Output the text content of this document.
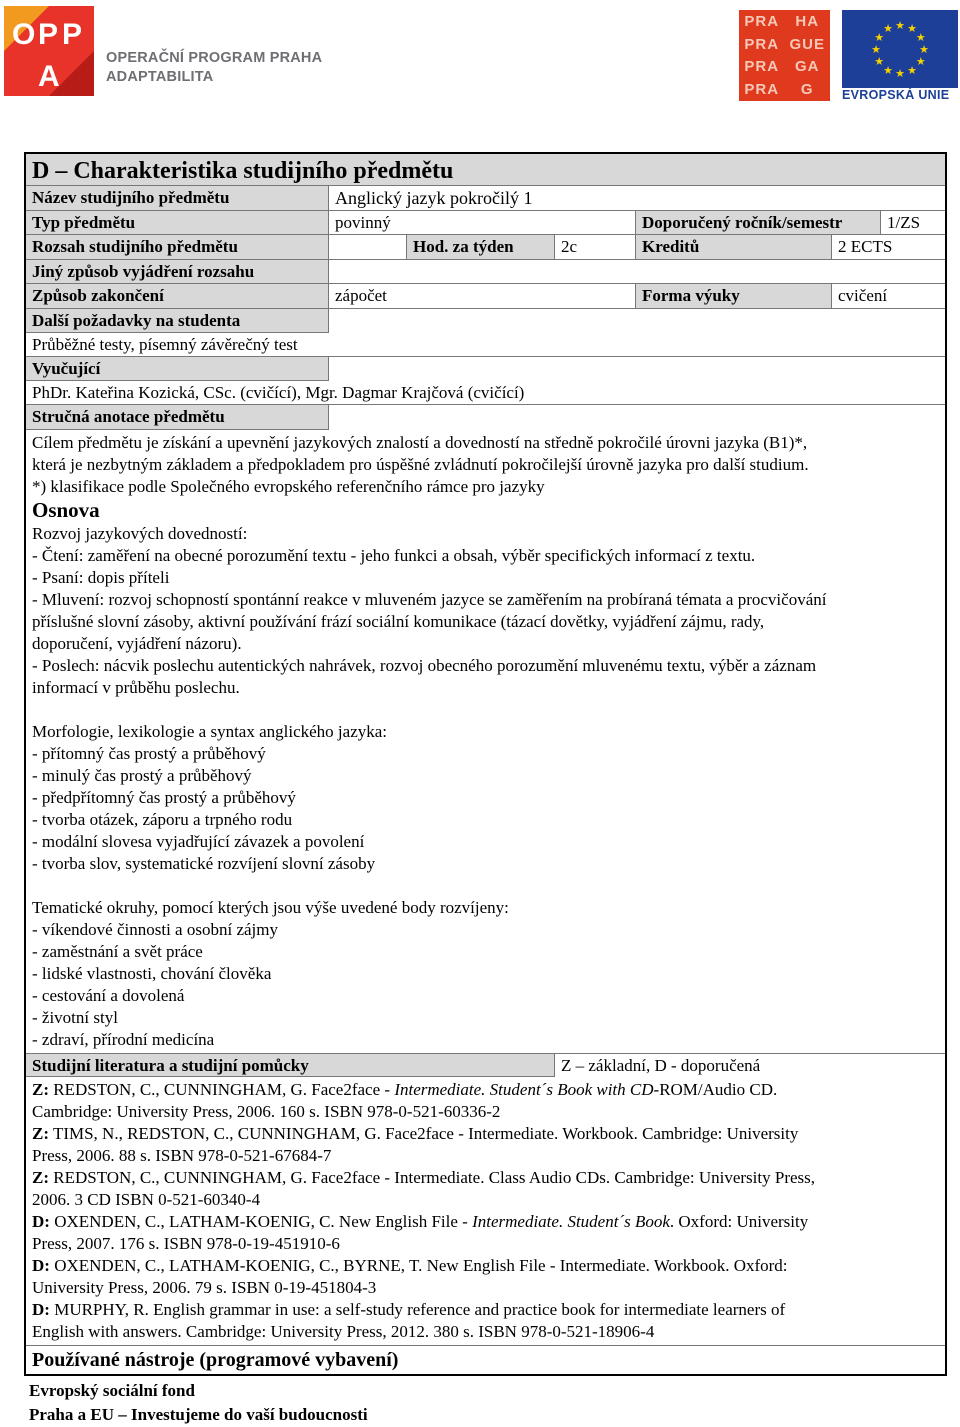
O P P
A
OPERAČNÍ PROGRAM PRAHA
ADAPTABILITA
PRA	HA
PRA GUE
PRA	GA
PRA	G
★
★
★
★
★
★
★
★
★ ★ ★
★
EVROPSKÁ UNIE
D – Charakteristika studijního předmětu
Název studijního předmětu	Anglický jazyk pokročilý 1
Typ předmětu	povinný	Doporučený ročník/semestr	1/ZS
Rozsah studijního předmětu	Hod. za týden	2c	Kreditů	2 ECTS
Jiný způsob vyjádření rozsahu
Způsob zakončení	zápočet	Forma výuky	cvičení
Další požadavky na studenta
Průběžné testy, písemný závěrečný test
Vyučující
PhDr. Kateřina Kozická, CSc. (cvičící), Mgr. Dagmar Krajčová (cvičící)
Stručná anotace předmětu

Cílem předmětu je získání a upevnění jazykových znalostí a dovedností na středně pokročilé úrovni jazyka (B1)*,

která je nezbytným základem a předpokladem pro úspěšné zvládnutí pokročilejší úrovně jazyka pro další studium.

*) klasifikace podle Společného evropského referenčního rámce pro jazyky

Osnova

Rozvoj jazykových dovedností:

- Čtení: zaměření na obecné porozumění textu - jeho funkci a obsah, výběr specifických informací z textu.

- Psaní: dopis příteli

- Mluvení: rozvoj schopností spontánní reakce v mluveném jazyce se zaměřením na probíraná témata a procvičování

příslušné slovní zásoby, aktivní používání frází sociální komunikace (tázací dovětky, vyjádření zájmu, rady,

doporučení, vyjádření názoru).

- Poslech: nácvik poslechu autentických nahrávek, rozvoj obecného porozumění mluvenému textu, výběr a záznam

informací v průběhu poslechu.

Morfologie, lexikologie a syntax anglického jazyka:

- přítomný čas prostý a průběhový

- minulý čas prostý a průběhový

- předpřítomný čas prostý a průběhový

- tvorba otázek, záporu a trpného rodu

- modální slovesa vyjadřující závazek a povolení

- tvorba slov, systematické rozvíjení slovní zásoby

Tematické okruhy, pomocí kterých jsou výše uvedené body rozvíjeny:

- víkendové činnosti a osobní zájmy

- zaměstnání a svět práce

- lidské vlastnosti, chování člověka

- cestování a dovolená

- životní styl

- zdraví, přírodní medicína

Studijní literatura a studijní pomůcky	Z – základní, D - doporučená

Z: REDSTON, C., CUNNINGHAM, G. Face2face - Intermediate. Student´s Book with CD-ROM/Audio CD.

Cambridge: University Press, 2006. 160 s. ISBN 978-0-521-60336-2

Z: TIMS, N., REDSTON, C., CUNNINGHAM, G. Face2face - Intermediate. Workbook. Cambridge: University

Press, 2006. 88 s. ISBN 978-0-521-67684-7

Z: REDSTON, C., CUNNINGHAM, G. Face2face - Intermediate. Class Audio CDs. Cambridge: University Press,

2006. 3 CD ISBN 0-521-60340-4

D: OXENDEN, C., LATHAM-KOENIG, C. New English File - Intermediate. Student´s Book. Oxford: University

Press, 2007. 176 s. ISBN 978-0-19-451910-6

D: OXENDEN, C., LATHAM-KOENIG, C., BYRNE, T. New English File - Intermediate. Workbook. Oxford:

University Press, 2006. 79 s. ISBN 0-19-451804-3

D: MURPHY, R. English grammar in use: a self-study reference and practice book for intermediate learners of

English with answers. Cambridge: University Press, 2012. 380 s. ISBN 978-0-521-18906-4

Používané nástroje (programové vybavení)
Evropský sociální fond
Praha a EU – Investujeme do vaší budoucnosti
